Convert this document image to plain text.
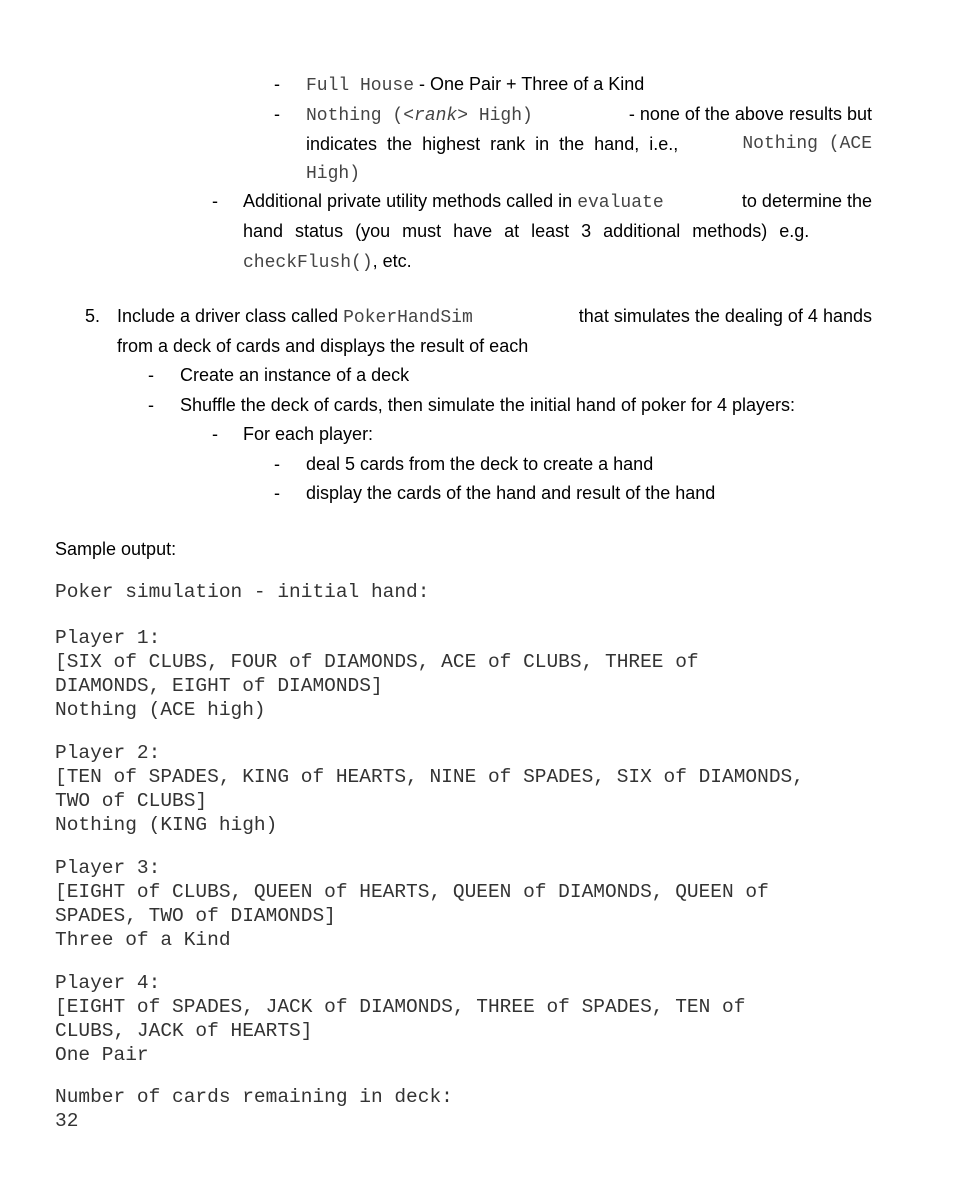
- Full House - One Pair + Three of a Kind
- Nothing (<rank> High)	- none of the above results but
indicates the highest rank in the hand, i.e.,	Nothing (ACE
High)
- Additional private utility methods called in evaluate	to determine the
hand status (you must have at least 3 additional methods) e.g.
checkFlush(), etc.
5. Include a driver class called PokerHandSim	that simulates the dealing of 4 hands
from a deck of cards and displays the result of each
- Create an instance of a deck
- Shuffle the deck of cards, then simulate the initial hand of poker for 4 players:
- For each player:
- deal 5 cards from the deck to create a hand
- display the cards of the hand and result of the hand
Sample output:
Poker simulation - initial hand:
Player 1:
[SIX of CLUBS, FOUR of DIAMONDS, ACE of CLUBS, THREE of
DIAMONDS, EIGHT of DIAMONDS]
Nothing (ACE high)
Player 2:
[TEN of SPADES, KING of HEARTS, NINE of SPADES, SIX of DIAMONDS,
TWO of CLUBS]
Nothing (KING high)
Player 3:
[EIGHT of CLUBS, QUEEN of HEARTS, QUEEN of DIAMONDS, QUEEN of
SPADES, TWO of DIAMONDS]
Three of a Kind
Player 4:
[EIGHT of SPADES, JACK of DIAMONDS, THREE of SPADES, TEN of
CLUBS, JACK of HEARTS]
One Pair
Number of cards remaining in deck:
32
